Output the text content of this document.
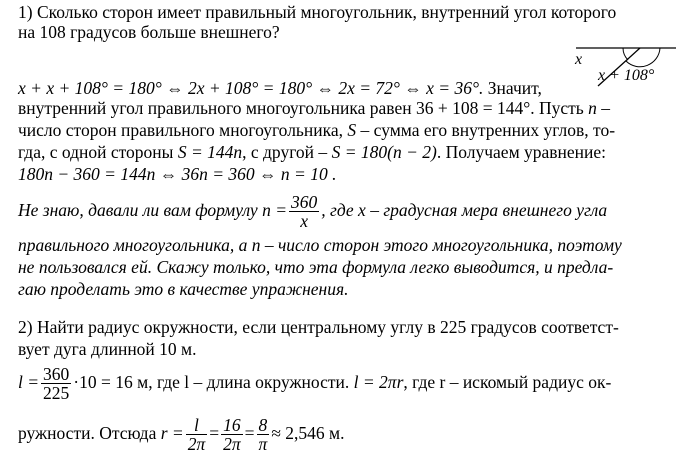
1) Сколько сторон имеет правильный многоугольник, внутренний угол которого
на 108 градусов больше внешнего?
x
x + 108°
x + x + 108° = 180° ⇔ 2x + 108° = 180° ⇔ 2x = 72° ⇔ x = 36°. Значит,
внутренний угол правильного многоугольника равен 36 + 108 = 144°. Пусть n –
число сторон правильного многоугольника, S – сумма его внутренних углов, то-
гда, с одной стороны S = 144n, с другой – S = 180(n − 2). Получаем уравнение:
180n − 360 = 144n ⇔ 36n = 360 ⇔ n = 10 .
Не знаю, давали ли вам формулу $n = \frac{360}{x}$ , где x – градусная мера внешнего угла
правильного многоугольника, а n – число сторон этого многоугольника, поэтому
не пользовался ей. Скажу только, что эта формула легко выводится, и предла-
гаю проделать это в качестве упражнения.
2) Найти радиус окружности, если центральному углу в 225 градусов соответст-
вует дуга длинной 10 м.
$l = \frac{360}{225} \cdot 10 = 16$ м, где l – длина окружности. l = 2πr, где r – искомый радиус ок-
ружности. Отсюда $r = \frac{l}{2\pi} = \frac{16}{2\pi} = \frac{8}{\pi} \approx 2,546$ м.
